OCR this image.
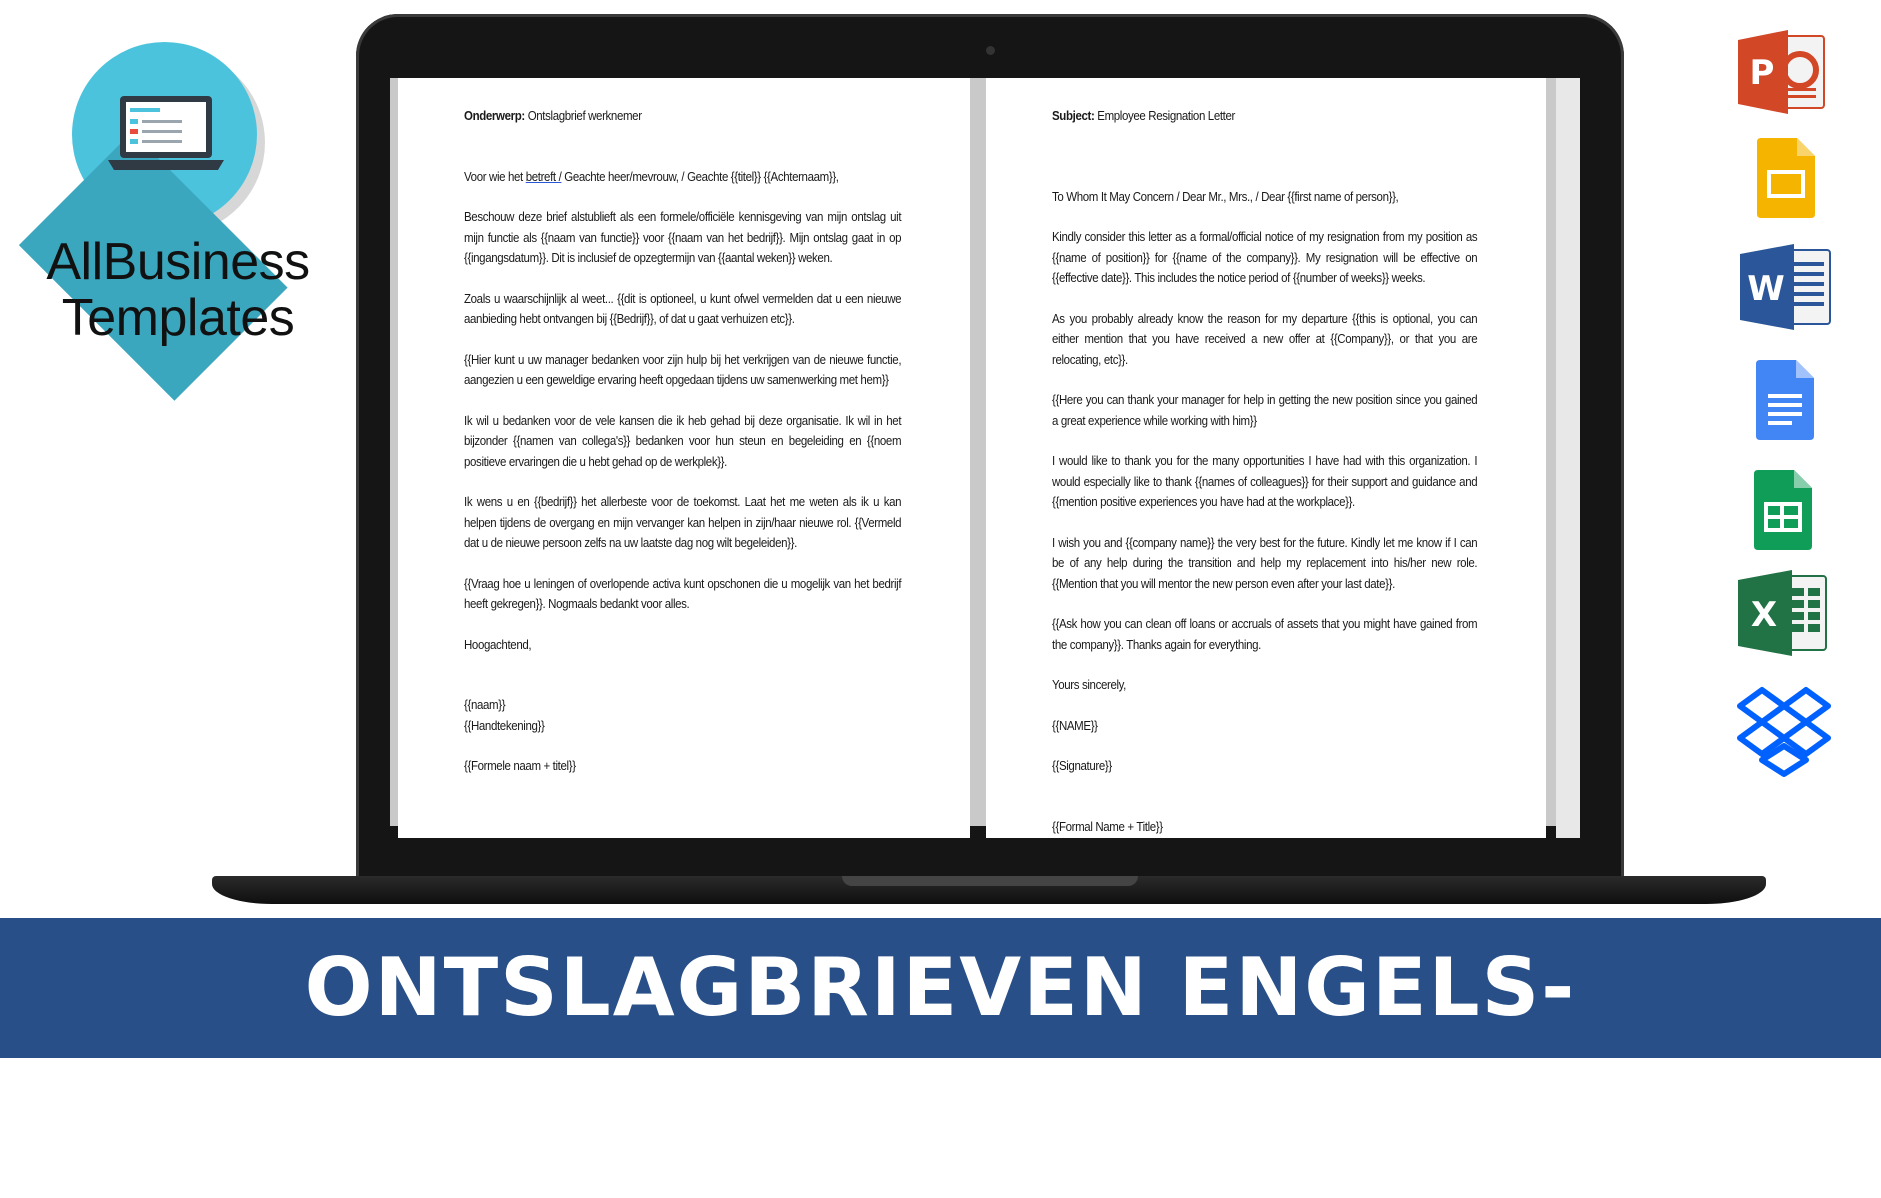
AllBusiness
Templates

Onderwerp: Ontslagbrief werknemer

Voor wie het betreft / Geachte heer/mevrouw, / Geachte {{titel}} {{Achternaam}},

Beschouw deze brief alstublieft als een formele/officiële kennisgeving van mijn ontslag uit mijn functie als {{naam van functie}} voor {{naam van het bedrijf}}. Mijn ontslag gaat in op {{ingangsdatum}}. Dit is inclusief de opzegtermijn van {{aantal weken}} weken.

Zoals u waarschijnlijk al weet... {{dit is optioneel, u kunt ofwel vermelden dat u een nieuwe aanbieding hebt ontvangen bij {{Bedrijf}}, of dat u gaat verhuizen etc}}.

{{Hier kunt u uw manager bedanken voor zijn hulp bij het verkrijgen van de nieuwe functie, aangezien u een geweldige ervaring heeft opgedaan tijdens uw samenwerking met hem}}

Ik wil u bedanken voor de vele kansen die ik heb gehad bij deze organisatie. Ik wil in het bijzonder {{namen van collega's}} bedanken voor hun steun en begeleiding en {{noem positieve ervaringen die u hebt gehad op de werkplek}}.

Ik wens u en {{bedrijf}} het allerbeste voor de toekomst. Laat het me weten als ik u kan helpen tijdens de overgang en mijn vervanger kan helpen in zijn/haar nieuwe rol. {{Vermeld dat u de nieuwe persoon zelfs na uw laatste dag nog wilt begeleiden}}.

{{Vraag hoe u leningen of overlopende activa kunt opschonen die u mogelijk van het bedrijf heeft gekregen}}. Nogmaals bedankt voor alles.

Hoogachtend,

{{naam}}

{{Handtekening}}

{{Formele naam + titel}}

Subject: Employee Resignation Letter

To Whom It May Concern / Dear Mr., Mrs., / Dear {{first name of person}},

Kindly consider this letter as a formal/official notice of my resignation from my position as {{name of position}} for {{name of the company}}. My resignation will be effective on {{effective date}}. This includes the notice period of {{number of weeks}} weeks.

As you probably already know the reason for my departure {{this is optional, you can either mention that you have received a new offer at {{Company}}, or that you are relocating, etc}}.

{{Here you can thank your manager for help in getting the new position since you gained a great experience while working with him}}

I would like to thank you for the many opportunities I have had with this organization. I would especially like to thank {{names of colleagues}} for their support and guidance and {{mention positive experiences you have had at the workplace}}.

I wish you and {{company name}} the very best for the future. Kindly let me know if I can be of any help during the transition and help my replacement into his/her new role. {{Mention that you will mentor the new person even after your last date}}.

{{Ask how you can clean off loans or accruals of assets that you might have gained from the company}}. Thanks again for everything.

Yours sincerely,

{{NAME}}

{{Signature}}

{{Formal Name + Title}}

P
W
X
ONTSLAGBRIEVEN ENGELS-NEDERLANDS
